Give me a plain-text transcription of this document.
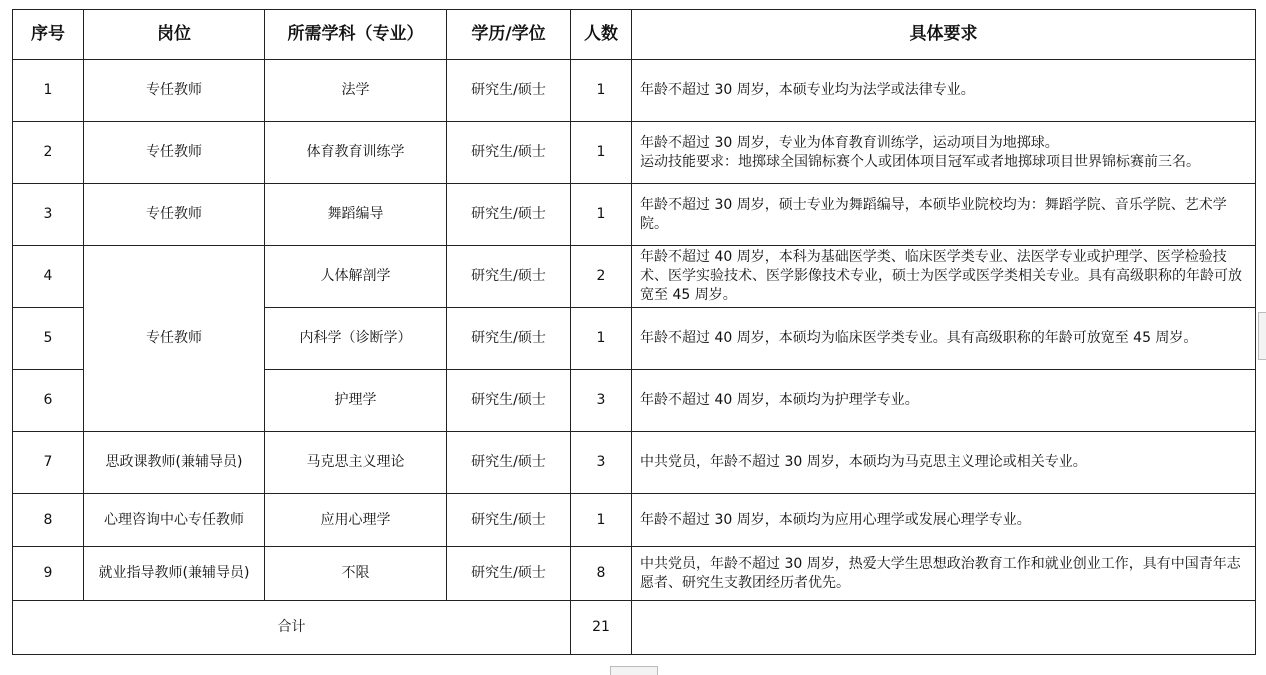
序号	岗位	所需学科（专业）	学历/学位	人数	具体要求
1	专任教师	法学	研究生/硕士	1	年龄不超过 30 周岁，本硕专业均为法学或法律专业。
2	专任教师	体育教育训练学	研究生/硕士	1	年龄不超过 30 周岁，专业为体育教育训练学，运动项目为地掷球。
运动技能要求：地掷球全国锦标赛个人或团体项目冠军或者地掷球项目世界锦标赛前三名。

3	专任教师	舞蹈编导	研究生/硕士	1	年龄不超过 30 周岁，硕士专业为舞蹈编导，本硕毕业院校均为：舞蹈学院、音乐学院、艺术学院。
4	专任教师	人体解剖学	研究生/硕士	2	年龄不超过 40 周岁，本科为基础医学类、临床医学类专业、法医学专业或护理学、医学检验技术、医学实验技术、医学影像技术专业，硕士为医学或医学类相关专业。具有高级职称的年龄可放宽至 45 周岁。
5		内科学（诊断学）	研究生/硕士	1	年龄不超过 40 周岁，本硕均为临床医学类专业。具有高级职称的年龄可放宽至 45 周岁。
6		护理学	研究生/硕士	3	年龄不超过 40 周岁，本硕均为护理学专业。
7	思政课教师(兼辅导员)	马克思主义理论	研究生/硕士	3	中共党员，年龄不超过 30 周岁，本硕均为马克思主义理论或相关专业。
8	心理咨询中心专任教师	应用心理学	研究生/硕士	1	年龄不超过 30 周岁，本硕均为应用心理学或发展心理学专业。
9	就业指导教师(兼辅导员)	不限	研究生/硕士	8	中共党员，年龄不超过 30 周岁，热爱大学生思想政治教育工作和就业创业工作，具有中国青年志愿者、研究生支教团经历者优先。
合计				21	
